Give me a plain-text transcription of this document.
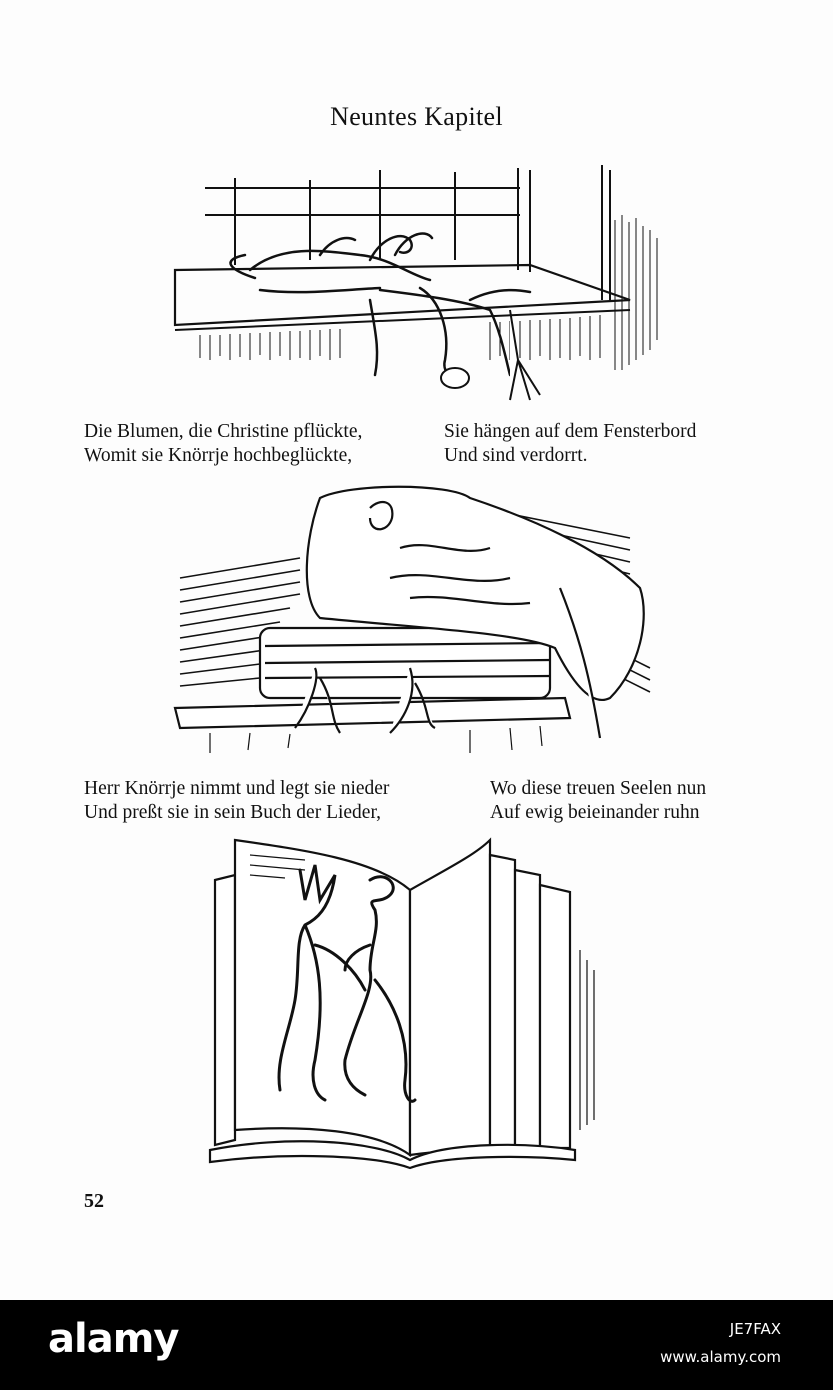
Neuntes Kapitel
Die Blumen, die Christine pflückte,
Womit sie Knörrje hochbeglückte,
Sie hängen auf dem Fensterbord
Und sind verdorrt.
Herr Knörrje nimmt und legt sie nieder
Und preßt sie in sein Buch der Lieder,
Wo diese treuen Seelen nun
Auf ewig beieinander ruhn
52
alamy	JE7FAX
www.alamy.com
